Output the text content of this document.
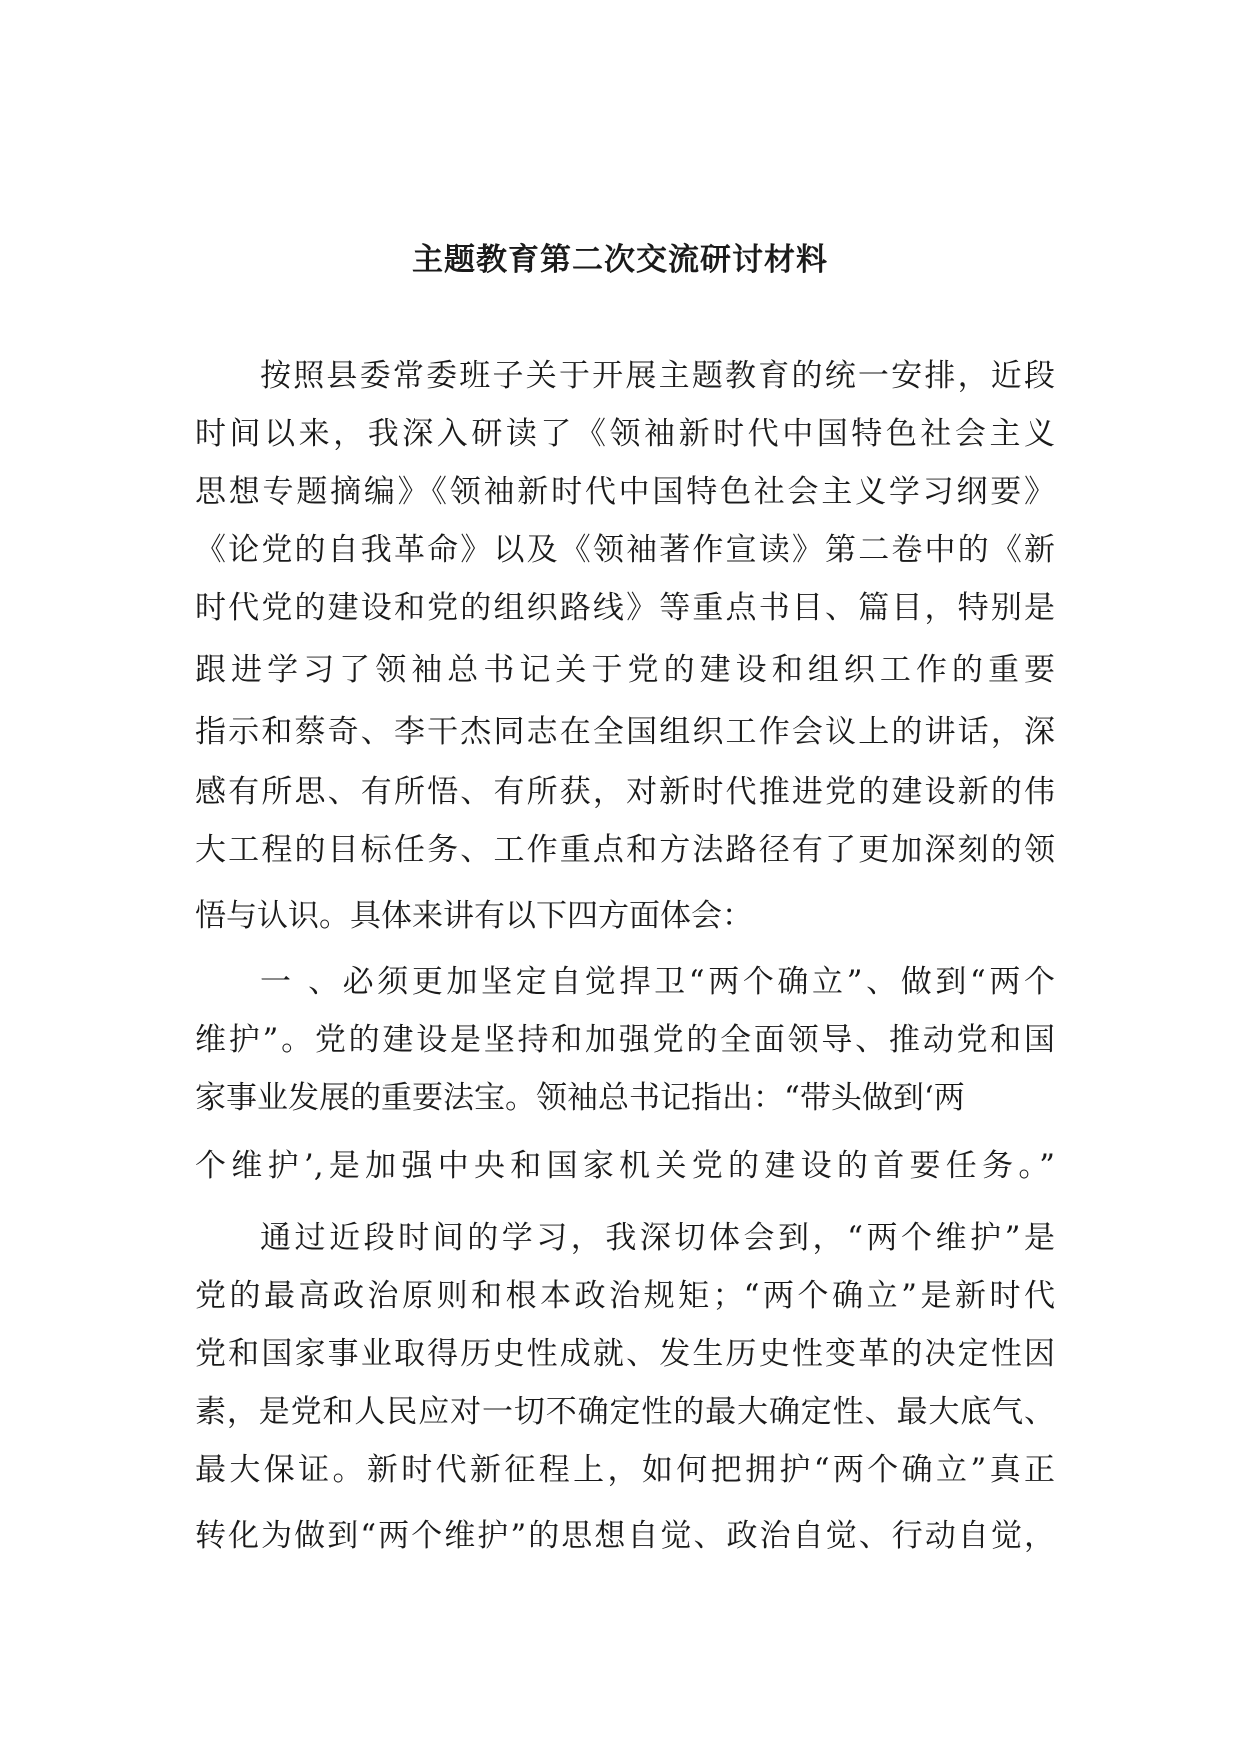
主题教育第二次交流研讨材料
按照县委常委班子关于开展主题教育的统一安排，近段
时间以来，我深入研读了《领袖新时代中国特色社会主义
思想专题摘编》《领袖新时代中国特色社会主义学习纲要》
《论党的自我革命》以及《领袖著作宣读》第二卷中的《新
时代党的建设和党的组织路线》等重点书目、篇目，特别是
跟进学习了领袖总书记关于党的建设和组织工作的重要
指示和蔡奇、李干杰同志在全国组织工作会议上的讲话，深
感有所思、有所悟、有所获，对新时代推进党的建设新的伟
大工程的目标任务、工作重点和方法路径有了更加深刻的领
悟与认识。具体来讲有以下四方面体会：
一 、必须更加坚定自觉捍卫“两个确立”、做到“两个
维护”。党的建设是坚持和加强党的全面领导、推动党和国
家事业发展的重要法宝。领袖总书记指出：“带头做到‘两
个维护’,是加强中央和国家机关党的建设的首要任务。”
通过近段时间的学习，我深切体会到，“两个维护”是
党的最高政治原则和根本政治规矩；“两个确立”是新时代
党和国家事业取得历史性成就、发生历史性变革的决定性因
素，是党和人民应对一切不确定性的最大确定性、最大底气、
最大保证。新时代新征程上，如何把拥护“两个确立”真正
转化为做到“两个维护”的思想自觉、政治自觉、行动自觉，
